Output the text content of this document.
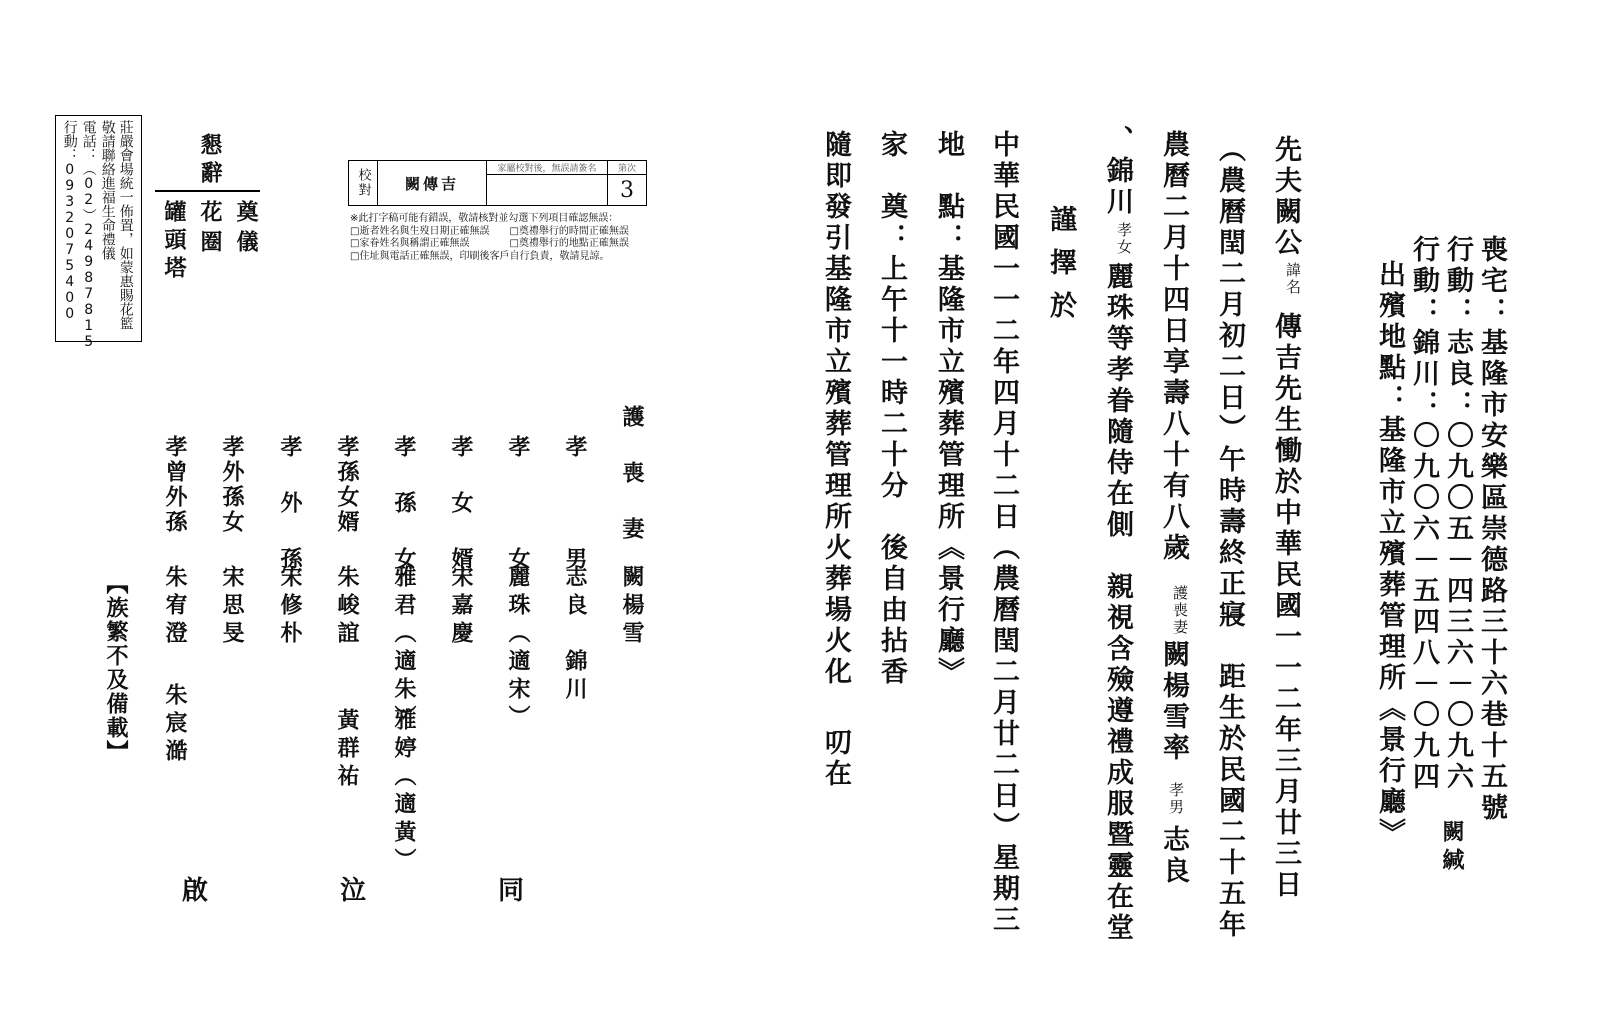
喪宅：基隆市安樂區崇德路三十六巷十五號
行動：志良：〇九〇五－四三六－〇九六
行動：錦川：〇九〇六－五四八－〇九四
出殯地點：基隆市立殯葬管理所《景行廳》 闕緘
先夫闕公
諱名
傳吉先生慟於中華民國一一二年三月廿三日
（農曆閏二月初二日）午時壽終正寢　距生於民國二十五年
農曆二月十四日享壽八十有八歲
護喪妻
闕楊雪率
孝男
志良
、錦川
孝女
麗珠等孝眷隨侍在側　親視含殮遵禮成服暨靈在堂
謹擇於
中華民國一一二年四月十二日（農曆閏二月廿二日）星期三
地　點：基隆市立殯葬管理所《景行廳》
家　奠：上午十一時二十分　後自由拈香
隨即發引基隆市立殯葬管理所火葬場火化
叨在
護　喪　妻
闕楊雪
孝　　　男
志良　錦川
孝　　　女
麗珠（適宋）
孝　女　婿
宋嘉慶
孝　孫　女
雅君（適朱）
雅婷（適黃）
孝孫女婿
朱峻誼
黃群祐
孝　外　孫
宋修朴
孝外孫女
宋思旻
孝曾外孫
朱宥澄
朱宸澔
【族繁不及備載】
同
泣
啟
校對	闕傳吉	家屬校對後，無誤請簽名	第次
			3
※此打字稿可能有錯誤，敬請核對並勾選下列項目確認無誤：
□逝者姓名與生歿日期正確無誤　　□奠禮舉行的時間正確無誤
□家眷姓名與稱謂正確無誤　　　　□奠禮舉行的地點正確無誤
□住址與電話正確無誤，印刷後客戶自行負責，敬請見諒。
懇辭
奠儀
花圈
罐頭塔
莊嚴會場統一佈置，如蒙惠賜花籃
敬請聯絡進福生命禮儀
電話：（02）24987815
行動：0932075400
